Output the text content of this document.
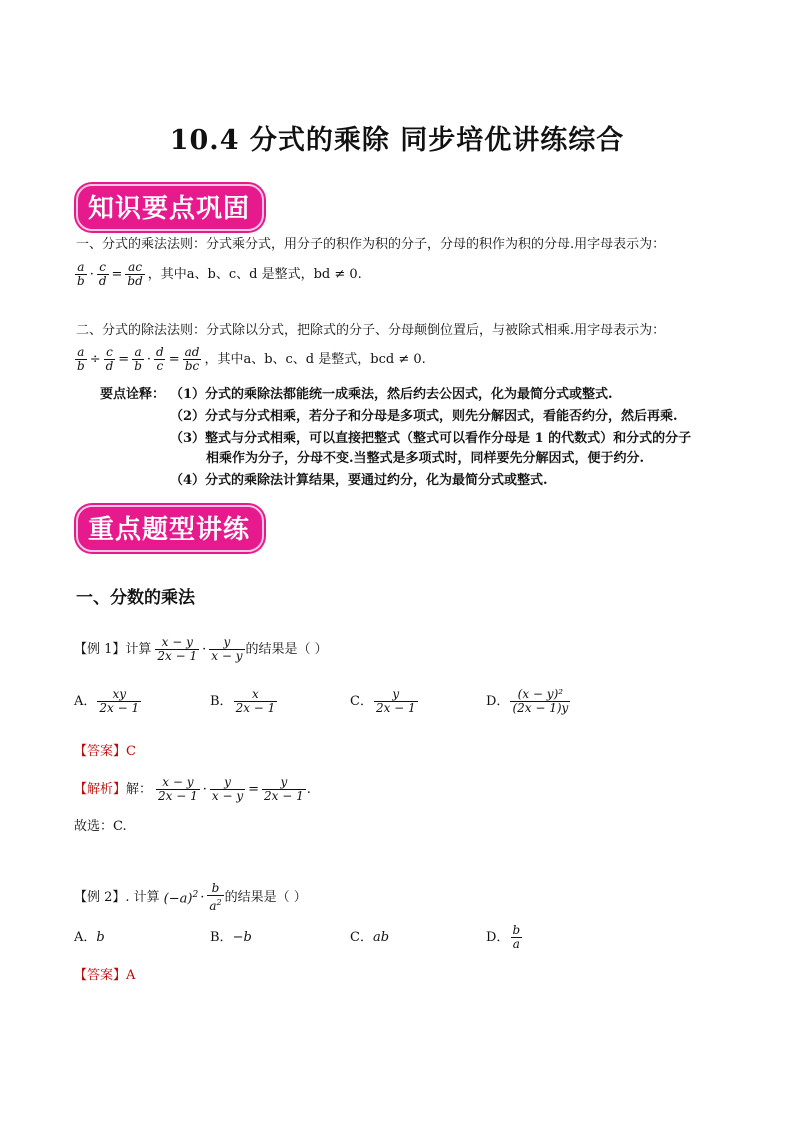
10.4 分式的乘除 同步培优讲练综合
知识要点巩固
一、分式的乘法法则：分式乘分式，用分子的积作为积的分子，分母的积作为积的分母.用字母表示为：
$\frac{a}{b} \cdot \frac{c}{d} = \frac{ac}{bd}$ ，其中a、b、c、d 是整式，bd ≠ 0.
二、分式的除法法则：分式除以分式，把除式的分子、分母颠倒位置后，与被除式相乘.用字母表示为：
$\frac{a}{b} \div \frac{c}{d} = \frac{a}{b} \cdot \frac{d}{c} = \frac{ad}{bc}$ ，其中a、b、c、d 是整式，bcd ≠ 0.
要点诠释： （1）分式的乘除法都能统一成乘法，然后约去公因式，化为最简分式或整式.
（2）分式与分式相乘，若分子和分母是多项式，则先分解因式，看能否约分，然后再乘.
（3）整式与分式相乘，可以直接把整式（整式可以看作分母是 1 的代数式）和分式的分子
相乘作为分子，分母不变.当整式是多项式时，同样要先分解因式，便于约分.
（4）分式的乘除法计算结果，要通过约分，化为最简分式或整式.
重点题型讲练
一、分数的乘法
【例 1】计算 $\frac{x - y}{2x - 1} \cdot \frac{y}{x - y}$ 的结果是（ ）
A． $\frac{xy}{2x - 1}$	B． $\frac{x}{2x - 1}$	C． $\frac{y}{2x - 1}$	D． $\frac{\text{(x − y)²}}{(2x - 1)y}$
【答案】C
【解析】 解： $\frac{x - y}{2x - 1} \cdot \frac{y}{x - y} = \frac{y}{2x - 1}$ .
故选：C.
【例 2】. 计算 $(-a)^2 \cdot \frac{b}{a^2}$ 的结果是（ ）
A． b	B． −b	C． ab	D． $\frac{b}{a}$
【答案】A
